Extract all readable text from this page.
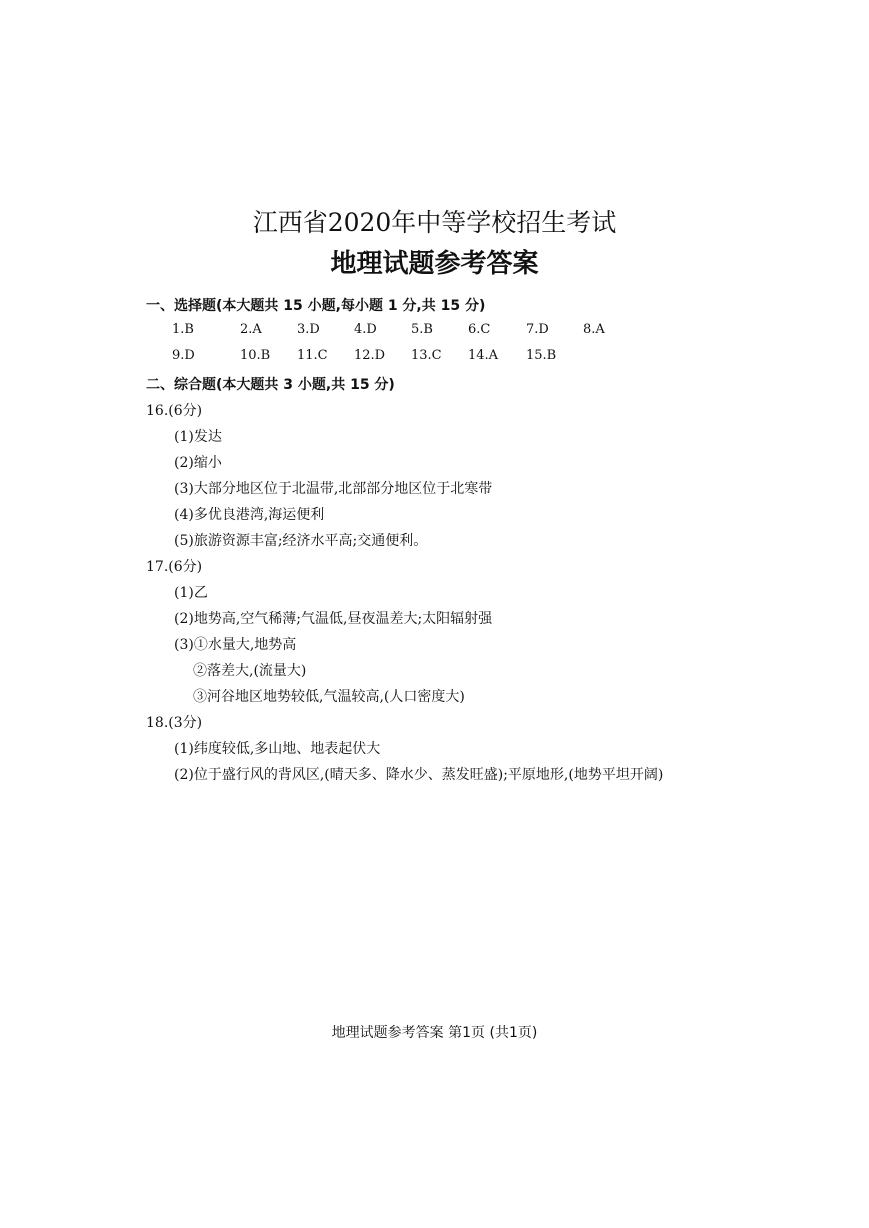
江西省2020年中等学校招生考试
地理试题参考答案
一、选择题(本大题共 15 小题,每小题 1 分,共 15 分)
1.B	2.A	3.D	4.D	5.B	6.C	7.D	8.A
9.D	10.B 11.C 12.D 13.C 14.A 15.B
二、综合题(本大题共 3 小题,共 15 分)
16.(6分)
(1)发达
(2)缩小
(3)大部分地区位于北温带,北部部分地区位于北寒带
(4)多优良港湾,海运便利
(5)旅游资源丰富;经济水平高;交通便利。
17.(6分)
(1)乙
(2)地势高,空气稀薄;气温低,昼夜温差大;太阳辐射强
(3)①水量大,地势高
②落差大,(流量大)
③河谷地区地势较低,气温较高,(人口密度大)
18.(3分)
(1)纬度较低,多山地、地表起伏大
(2)位于盛行风的背风区,(晴天多、降水少、蒸发旺盛);平原地形,(地势平坦开阔)
地理试题参考答案 第1页 (共1页)
